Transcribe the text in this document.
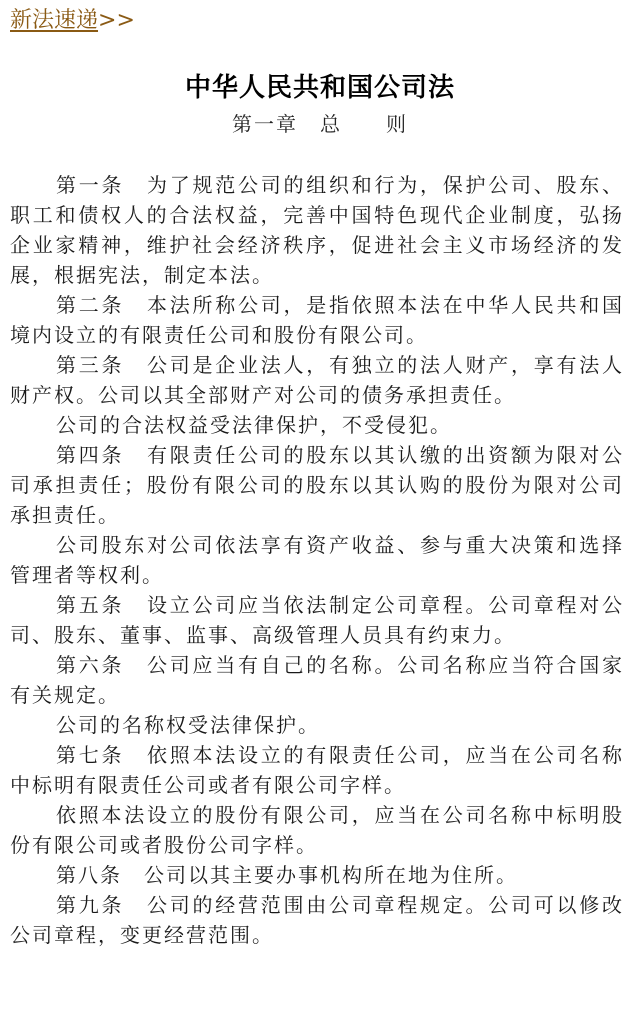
新法速递>>
中华人民共和国公司法
第一章　总　　则

第一条　为了规范公司的组织和行为，保护公司、股东、职工和债权人的合法权益，完善中国特色现代企业制度，弘扬企业家精神，维护社会经济秩序，促进社会主义市场经济的发展，根据宪法，制定本法。

第二条　本法所称公司，是指依照本法在中华人民共和国境内设立的有限责任公司和股份有限公司。

第三条　公司是企业法人，有独立的法人财产，享有法人财产权。公司以其全部财产对公司的债务承担责任。

公司的合法权益受法律保护，不受侵犯。

第四条　有限责任公司的股东以其认缴的出资额为限对公司承担责任；股份有限公司的股东以其认购的股份为限对公司承担责任。

公司股东对公司依法享有资产收益、参与重大决策和选择管理者等权利。

第五条　设立公司应当依法制定公司章程。公司章程对公司、股东、董事、监事、高级管理人员具有约束力。

第六条　公司应当有自己的名称。公司名称应当符合国家有关规定。

公司的名称权受法律保护。

第七条　依照本法设立的有限责任公司，应当在公司名称中标明有限责任公司或者有限公司字样。

依照本法设立的股份有限公司，应当在公司名称中标明股份有限公司或者股份公司字样。

第八条　公司以其主要办事机构所在地为住所。

第九条　公司的经营范围由公司章程规定。公司可以修改公司章程，变更经营范围。
